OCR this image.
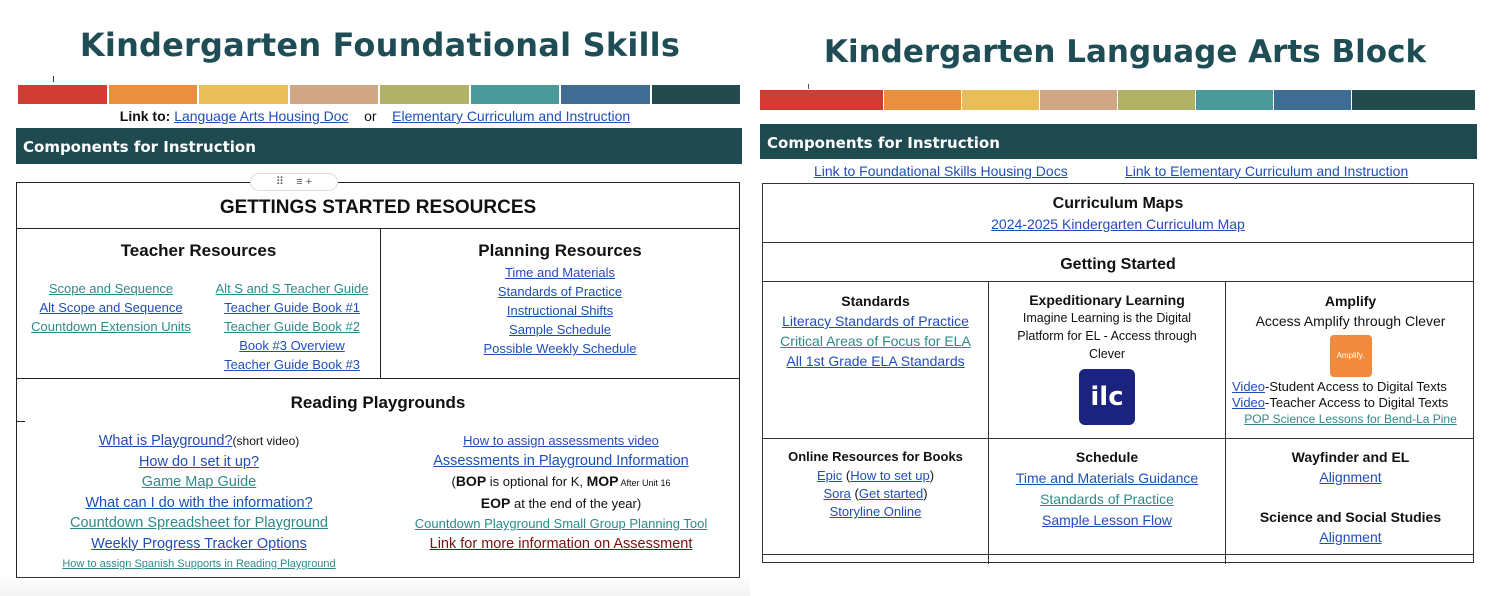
Kindergarten Foundational Skills
Link to: Language Arts Housing Doc or Elementary Curriculum and Instruction
Components for Instruction
GETTINGS STARTED RESOURCES
Teacher Resources
Scope and Sequence
Alt Scope and Sequence
Countdown Extension Units
Alt S and S Teacher Guide
Teacher Guide Book #1
Teacher Guide Book #2
Book #3 Overview
Teacher Guide Book #3
Planning Resources
Time and Materials
Standards of Practice
Instructional Shifts
Sample Schedule
Possible Weekly Schedule
Reading Playgrounds
What is Playground?(short video)
How do I set it up?
Game Map Guide
What can I do with the information?
Countdown Spreadsheet for Playground
Weekly Progress Tracker Options
How to assign Spanish Supports in Reading Playground
How to assign assessments video
Assessments in Playground Information
(BOP is optional for K, MOP After Unit 16
EOP at the end of the year)
Countdown Playground Small Group Planning Tool
Link for more information on Assessment
⠿ ≡ +
Kindergarten Language Arts Block
Components for Instruction
Link to Foundational Skills Housing Docs	Link to Elementary Curriculum and Instruction
Curriculum Maps
2024-2025 Kindergarten Curriculum Map
Getting Started
Standards
Literacy Standards of Practice
Critical Areas of Focus for ELA
All 1st Grade ELA Standards
Expeditionary Learning
Imagine Learning is the Digital Platform for EL - Access through Clever
ilc
Amplify
Access Amplify through Clever
Amplify.
Video-Student Access to Digital Texts
Video-Teacher Access to Digital Texts
POP Science Lessons for Bend-La Pine
Online Resources for Books
Epic (How to set up)
Sora (Get started)
Storyline Online
Schedule
Time and Materials Guidance
Standards of Practice
Sample Lesson Flow
Wayfinder and EL
Alignment
Science and Social Studies
Alignment
